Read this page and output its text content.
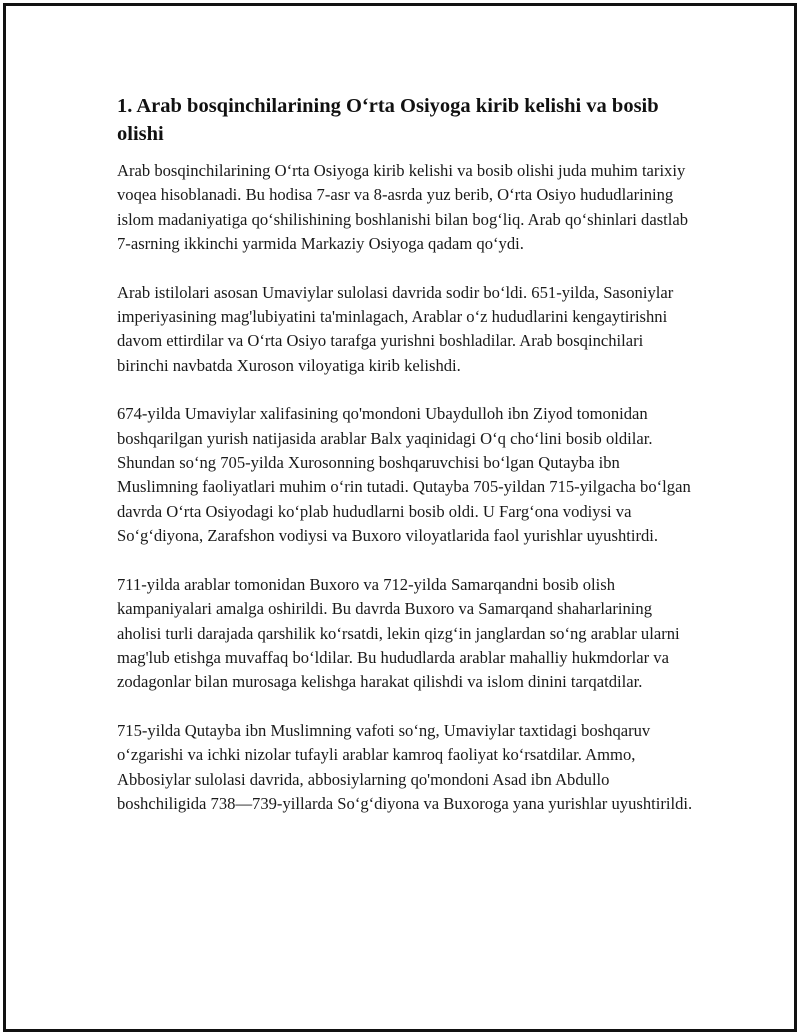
1. Arab bosqinchilarining O‘rta Osiyoga kirib kelishi va bosib olishi

Arab bosqinchilarining O‘rta Osiyoga kirib kelishi va bosib olishi juda muhim tarixiy voqea hisoblanadi. Bu hodisa 7-asr va 8-asrda yuz berib, O‘rta Osiyo hududlarining islom madaniyatiga qo‘shilishining boshlanishi bilan bog‘liq. Arab qo‘shinlari dastlab 7-asrning ikkinchi yarmida Markaziy Osiyoga qadam qo‘ydi.

Arab istilolari asosan Umaviylar sulolasi davrida sodir bo‘ldi. 651-yilda, Sasoniylar imperiyasining mag'lubiyatini ta'minlagach, Arablar o‘z hududlarini kengaytirishni davom ettirdilar va O‘rta Osiyo tarafga yurishni boshladilar. Arab bosqinchilari birinchi navbatda Xuroson viloyatiga kirib kelishdi.

674-yilda Umaviylar xalifasining qo'mondoni Ubaydulloh ibn Ziyod tomonidan boshqarilgan yurish natijasida arablar Balx yaqinidagi O‘q cho‘lini bosib oldilar. Shundan so‘ng 705-yilda Xurosonning boshqaruvchisi bo‘lgan Qutayba ibn Muslimning faoliyatlari muhim o‘rin tutadi. Qutayba 705-yildan 715-yilgacha bo‘lgan davrda O‘rta Osiyodagi ko‘plab hududlarni bosib oldi. U Farg‘ona vodiysi va So‘g‘diyona, Zarafshon vodiysi va Buxoro viloyatlarida faol yurishlar uyushtirdi.

711-yilda arablar tomonidan Buxoro va 712-yilda Samarqandni bosib olish kampaniyalari amalga oshirildi. Bu davrda Buxoro va Samarqand shaharlarining aholisi turli darajada qarshilik ko‘rsatdi, lekin qizg‘in janglardan so‘ng arablar ularni mag'lub etishga muvaffaq bo‘ldilar. Bu hududlarda arablar mahalliy hukmdorlar va zodagonlar bilan murosaga kelishga harakat qilishdi va islom dinini tarqatdilar.

715-yilda Qutayba ibn Muslimning vafoti so‘ng, Umaviylar taxtidagi boshqaruv o‘zgarishi va ichki nizolar tufayli arablar kamroq faoliyat ko‘rsatdilar. Ammo, Abbosiylar sulolasi davrida, abbosiylarning qo'mondoni Asad ibn Abdullo boshchiligida 738—739-yillarda So‘g‘diyona va Buxoroga yana yurishlar uyushtirildi.
